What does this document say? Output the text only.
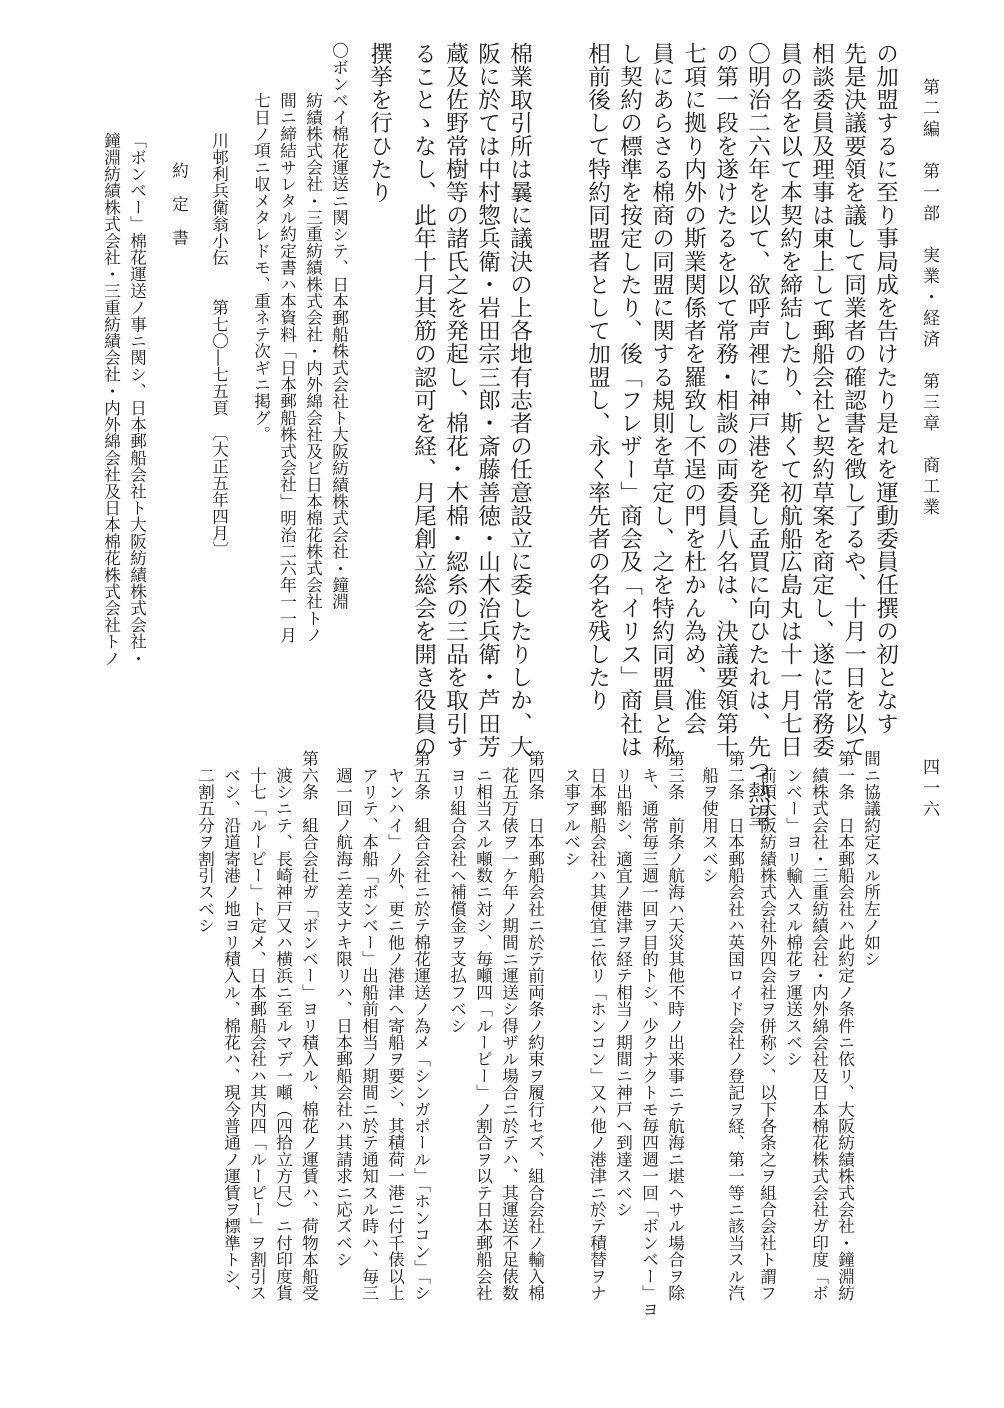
第二編　第一部　実業・経済　第三章　商工業
四一六
の加盟するに至り事局成を告けたり是れを運動委員任撰の初となす
先是決議要領を議して同業者の確認書を徴し了るや、十月一日を以て
相談委員及理事は東上して郵船会社と契約草案を商定し、遂に常務委
員の名を以て本契約を締結したり、斯くて初航船広島丸は十一月七日
〇明治二六年を以て、欲呼声裡に神戸港を発し孟買に向ひたれは、先つ熱望
の第一段を遂けたるを以て常務・相談の両委員八名は、決議要領第十
七項に拠り内外の斯業関係者を羅致し不逞の門を杜かん為め、准会
員にあらさる棉商の同盟に関する規則を草定し、之を特約同盟員と称
し契約の標準を按定したり、後「フレザー」商会及「イリス」商社は
相前後して特約同盟者として加盟し、永く率先者の名を残したり
棉業取引所は曩に議決の上各地有志者の任意設立に委したりしか、大
阪に於ては中村惣兵衛・岩田宗三郎・斎藤善徳・山木治兵衛・芦田芳
蔵及佐野常樹等の諸氏之を発起し、棉花・木棉・綛糸の三品を取引す
ることゝなし、此年十月其筋の認可を経、月尾創立総会を開き役員の
撰挙を行ひたり
〇ボンベイ棉花運送ニ関シテ、日本郵船株式会社ト大阪紡績株式会社・鐘淵
紡績株式会社・三重紡績株式会社・内外綿会社及ビ日本棉花株式会社トノ
間ニ締結サレタル約定書ハ本資料「日本郵船株式会社」明治二六年一一月
七日ノ項ニ収メタレドモ、重ネテ次ギニ掲グ。
川邨利兵衛翁小伝　　第七〇―七五頁　〔大正五年四月〕
約　定　書
「ボンベー」棉花運送ノ事ニ関シ、日本郵船会社ト大阪紡績株式会社・
鐘淵紡績株式会社・三重紡績会社・内外綿会社及日本棉花株式会社トノ
間ニ協議約定スル所左ノ如シ
第一条　日本郵船会社ハ此約定ノ条件ニ依リ、大阪紡績株式会社・鐘淵紡
　績株式会社・三重紡績会社・内外綿会社及日本棉花株式会社ガ印度「ボ
　ンベー」ヨリ輸入スル棉花ヲ運送スベシ
　前項大阪紡績株式会社外四会社ヲ併称シ、以下各条之ヲ組合会社ト謂フ
第二条　日本郵船会社ハ英国ロイド会社ノ登記ヲ経、第一等ニ該当スル汽
　船ヲ使用スベシ
第三条　前条ノ航海ハ天災其他不時ノ出来事ニテ航海ニ堪ヘサル場合ヲ除
　キ、通常毎三週一回ヲ目的トシ、少クナクトモ毎四週一回「ボンベー」ヨ
　リ出船シ、適宜ノ港津ヲ経テ相当ノ期間ニ神戸ヘ到達スベシ
　日本郵船会社ハ其便宜ニ依リ「ホンコン」又ハ他ノ港津ニ於テ積替ヲナ
　ス事アルベシ
第四条　日本郵船会社ニ於テ前両条ノ約束ヲ履行セズ、組合会社ノ輸入棉
　花五万俵ヲ一ケ年ノ期間ニ運送シ得ザル場合ニ於テハ、其運送不足俵数
　ニ相当スル噸数ニ対シ、毎噸四「ルーピー」ノ割合ヲ以テ日本郵船会社
　ヨリ組合会社ヘ補償金ヲ支払フベシ
第五条　組合会社ニ於テ棉花運送ノ為メ「シンガポール」「ホンコン」「シ
　ヤンハイ」ノ外、更ニ他ノ港津ヘ寄船ヲ要シ、其積荷一港ニ付千俵以上
　アリテ、本船「ボンベー」出船前相当ノ期間ニ於テ通知スル時ハ、毎三
　週一回ノ航海ニ差支ナキ限リハ、日本郵船会社ハ其請求ニ応ズベシ
第六条　組合会社ガ「ボンベー」ヨリ積入ル、棉花ノ運賃ハ、荷物本船受
　渡シニテ、長崎神戸又ハ横浜ニ至ルマデ一噸（四拾立方尺）ニ付印度貨
　十七「ルーピー」ト定メ、日本郵船会社ハ其内四「ルーピー」ヲ割引ス
　ベシ、沿道寄港ノ地ヨリ積入ル、棉花ハ、現今普通ノ運賃ヲ標準トシ、
　二割五分ヲ割引スベシ
